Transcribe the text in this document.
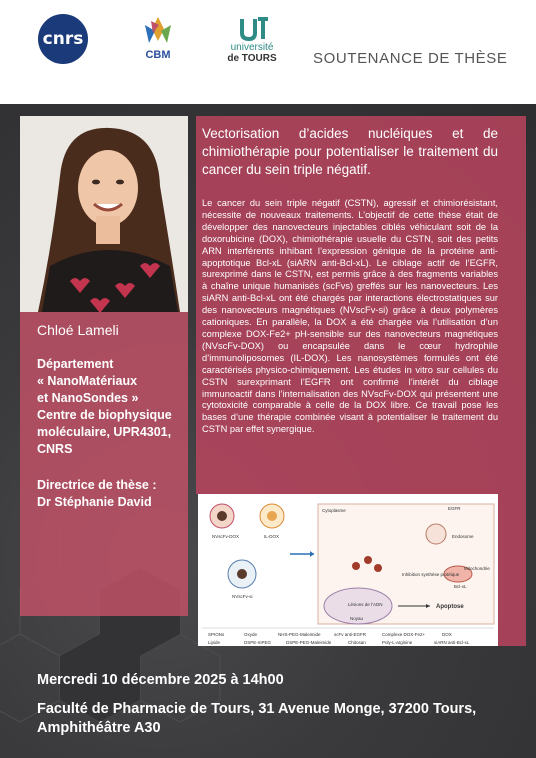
cnrs
CBM
université
de TOURS	SOUTENANCE DE THÈSE
Chloé Lameli
Département
« NanoMatériaux
et NanoSondes »
Centre de biophysique
moléculaire, UPR4301,
CNRS
Directrice de thèse :
Dr Stéphanie David
Vectorisation d’acides nucléiques et de chimiothérapie pour potentialiser le traitement du cancer du sein triple négatif.
Le cancer du sein triple négatif (CSTN), agressif et chimiorésistant, nécessite de nouveaux traitements. L’objectif de cette thèse était de développer des nanovecteurs injectables ciblés véhiculant soit de la doxorubicine (DOX), chimiothérapie usuelle du CSTN, soit des petits ARN interférents inhibant l’expression génique de la protéine anti-apoptotique Bcl-xL (siARN anti-Bcl-xL). Le ciblage actif de l’EGFR, surexprimé dans le CSTN, est permis grâce à des fragments variables à chaîne unique humanisés (scFvs) greffés sur les nanovecteurs. Les siARN anti-Bcl-xL ont été chargés par interactions électrostatiques sur des nanovecteurs magnétiques (NVscFv-si) grâce à deux polymères cationiques. En parallèle, la DOX a été chargée via l’utilisation d’un complexe DOX-Fe2+ pH-sensible sur des nanovecteurs magnétiques (NVscFv-DOX) ou encapsulée dans le cœur hydrophile d’immunoliposomes (IL-DOX). Les nanosystèmes formulés ont été caractérisés physico-chimiquement. Les études in vitro sur cellules du CSTN surexprimant l’EGFR ont confirmé l’intérêt du ciblage immunoactif dans l’internalisation des NVscFv-DOX qui présentent une cytotoxicité comparable à celle de la DOX libre. Ce travail pose les bases d’une thérapie combinée visant à potentialiser le traitement du CSTN par effet synergique.
NVscFv-DOX	IL-DOX
NVscFv-si
Cytoplasme	EGFR
Endosome
Mitochondrie
Bcl-xL
Inhibition synthèse protéique
Lésions de l’ADN
Noyau
Apoptose
SPIONs	Oxyde	NHS-PEG-Maleimide	scFv anti-EGFR	Complexe DOX-Fe2+	DOX
Lipide	DSPE-mPEG	DSPE-PEG-Maleimide	Chitosan	Poly-L-arginine	siARN anti-Bcl-xL
Mercredi 10 décembre 2025 à 14h00
Faculté de Pharmacie de Tours, 31 Avenue Monge, 37200 Tours, Amphithéâtre A30
